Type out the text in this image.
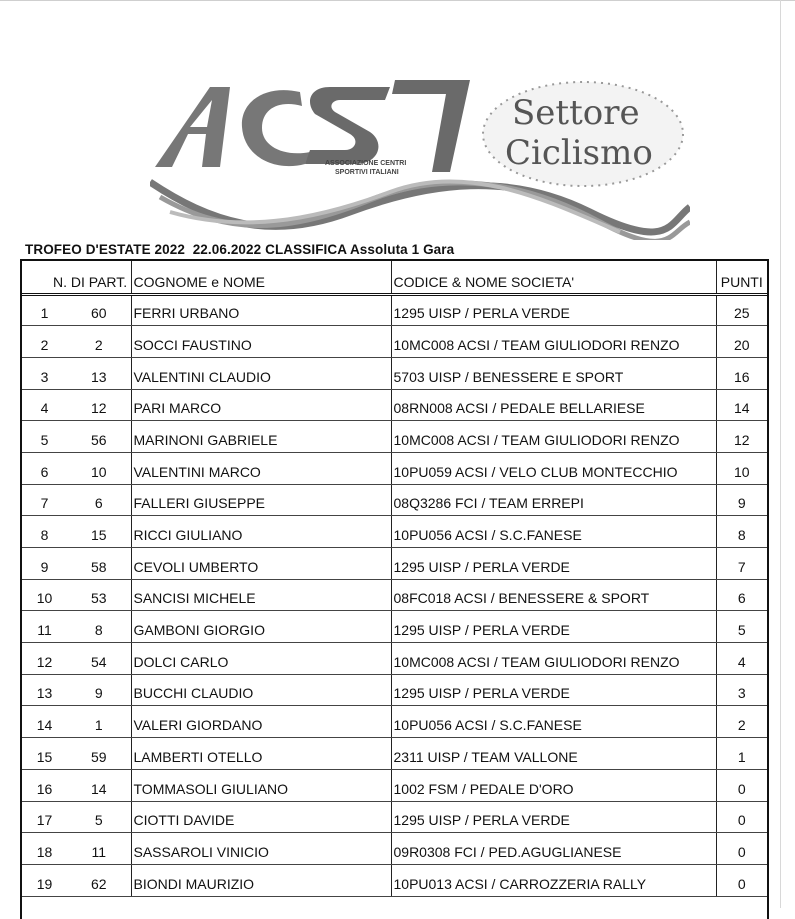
ASSOCIAZIONE CENTRI
SPORTIVI ITALIANI
Settore
Ciclismo
TROFEO D'ESTATE 2022  22.06.2022 CLASSIFICA Assoluta 1 Gara
N.	DI PART.	COGNOME e NOME	CODICE & NOME SOCIETA'	PUNTI
1	60	FERRI URBANO	1295 UISP / PERLA VERDE	25
2	2	SOCCI FAUSTINO	10MC008 ACSI / TEAM GIULIODORI RENZO	20
3	13	VALENTINI CLAUDIO	5703 UISP / BENESSERE E SPORT	16
4	12	PARI MARCO	08RN008 ACSI / PEDALE BELLARIESE	14
5	56	MARINONI GABRIELE	10MC008 ACSI / TEAM GIULIODORI RENZO	12
6	10	VALENTINI MARCO	10PU059 ACSI / VELO CLUB MONTECCHIO	10
7	6	FALLERI GIUSEPPE	08Q3286 FCI / TEAM ERREPI	9
8	15	RICCI GIULIANO	10PU056 ACSI / S.C.FANESE	8
9	58	CEVOLI UMBERTO	1295 UISP / PERLA VERDE	7
10	53	SANCISI MICHELE	08FC018 ACSI / BENESSERE & SPORT	6
11	8	GAMBONI GIORGIO	1295 UISP / PERLA VERDE	5
12	54	DOLCI CARLO	10MC008 ACSI / TEAM GIULIODORI RENZO	4
13	9	BUCCHI CLAUDIO	1295 UISP / PERLA VERDE	3
14	1	VALERI GIORDANO	10PU056 ACSI / S.C.FANESE	2
15	59	LAMBERTI OTELLO	2311 UISP / TEAM VALLONE	1
16	14	TOMMASOLI GIULIANO	1002 FSM / PEDALE D'ORO	0
17	5	CIOTTI DAVIDE	1295 UISP / PERLA VERDE	0
18	11	SASSAROLI VINICIO	09R0308 FCI / PED.AGUGLIANESE	0
19	62	BIONDI MAURIZIO	10PU013 ACSI / CARROZZERIA RALLY	0
